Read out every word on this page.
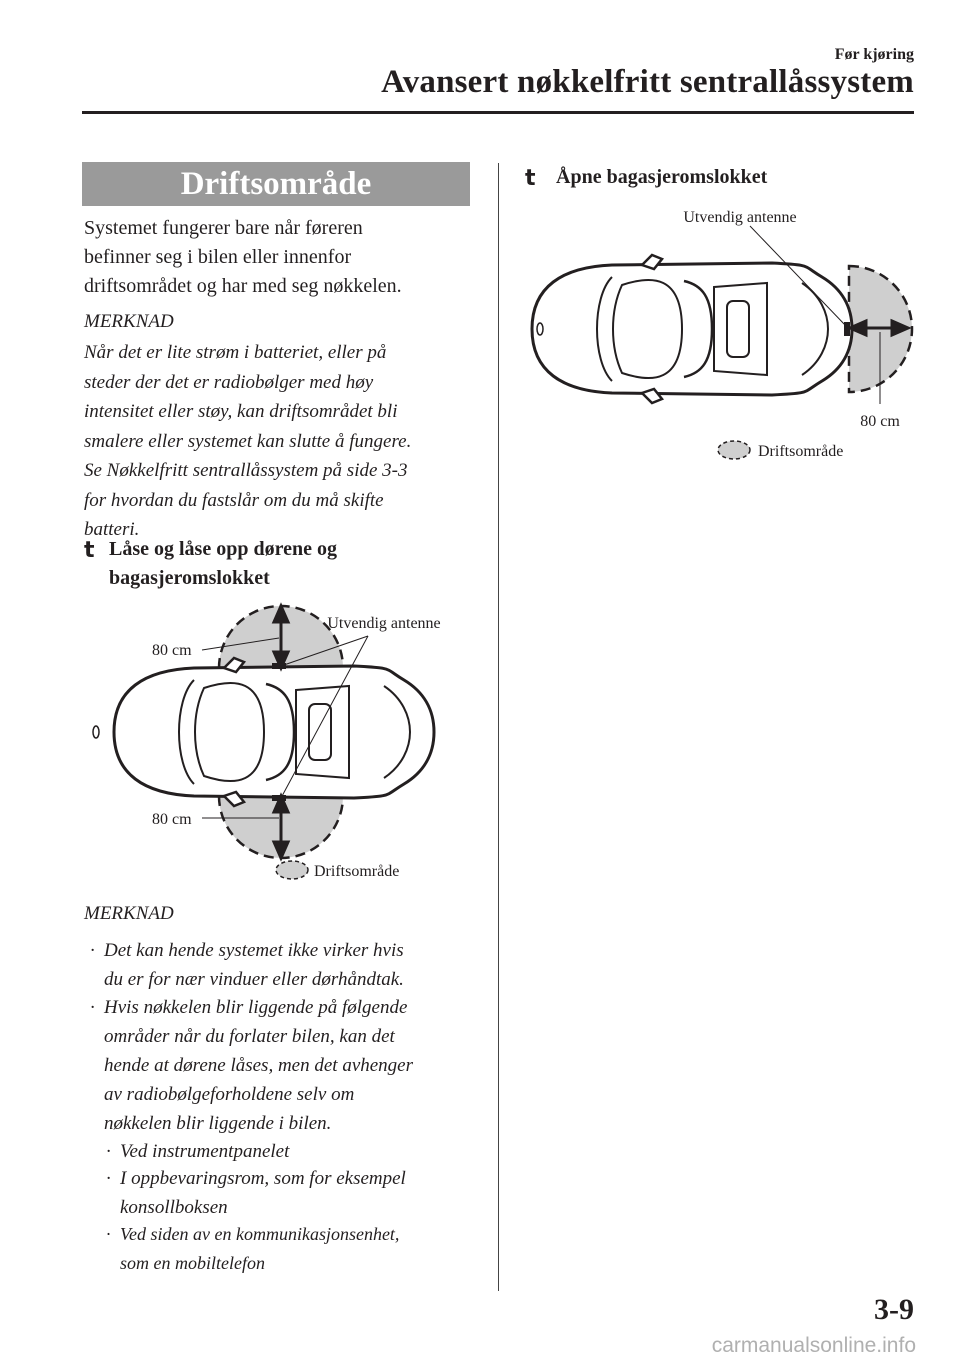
Før kjøring
Avansert nøkkelfritt sentrallåssystem
Driftsområde
Systemet fungerer bare når føreren
befinner seg i bilen eller innenfor
driftsområdet og har med seg nøkkelen.
MERKNAD
Når det er lite strøm i batteriet, eller på
steder der det er radiobølger med høy
intensitet eller støy, kan driftsområdet bli
smalere eller systemet kan slutte å fungere.
Se Nøkkelfritt sentrallåssystem på side 3-3
for hvordan du fastslår om du må skifte
batteri.
t Låse og låse opp dørene og
bagasjeromslokket
Utvendig antenne
80 cm
80 cm
Driftsområde
MERKNAD
· Det kan hende systemet ikke virker hvis
du er for nær vinduer eller dørhåndtak.
· Hvis nøkkelen blir liggende på følgende
områder når du forlater bilen, kan det
hende at dørene låses, men det avhenger
av radiobølgeforholdene selv om
nøkkelen blir liggende i bilen.
· Ved instrumentpanelet
· I oppbevaringsrom, som for eksempel
konsollboksen
· Ved siden av en kommunikasjonsenhet,
som en mobiltelefon
t Åpne bagasjeromslokket
Utvendig antenne
80 cm
Driftsområde
3-9
carmanualsonline.info
